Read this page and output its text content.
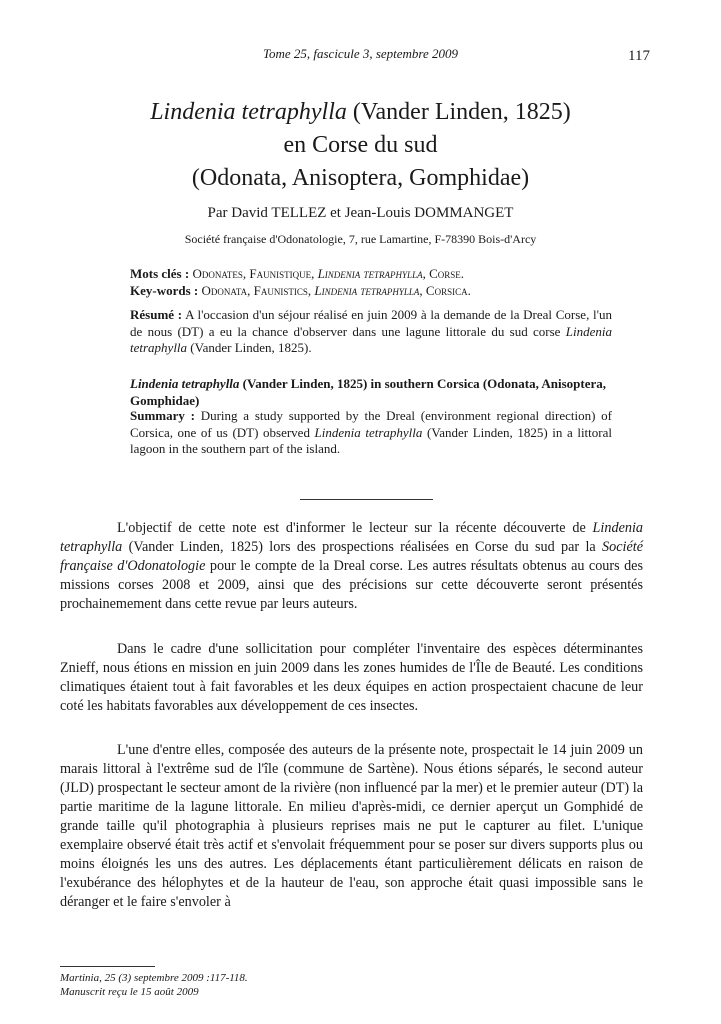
Tome 25, fascicule 3, septembre 2009	117
Lindenia tetraphylla (Vander Linden, 1825)
en Corse du sud
(Odonata, Anisoptera, Gomphidae)
Par David TELLEZ et Jean-Louis DOMMANGET
Société française d'Odonatologie, 7, rue Lamartine, F-78390 Bois-d'Arcy
Mots clés : Odonates, Faunistique, Lindenia tetraphylla, Corse.
Key-words : Odonata, Faunistics, Lindenia tetraphylla, Corsica.
Résumé : A l'occasion d'un séjour réalisé en juin 2009 à la demande de la Dreal Corse, l'un de nous (DT) a eu la chance d'observer dans une lagune littorale du sud corse Lindenia tetraphylla (Vander Linden, 1825).
Lindenia tetraphylla (Vander Linden, 1825) in southern Corsica (Odonata, Anisoptera, Gomphidae)
Summary : During a study supported by the Dreal (environment regional direction) of Corsica, one of us (DT) observed Lindenia tetraphylla (Vander Linden, 1825) in a littoral lagoon in the southern part of the island.
L'objectif de cette note est d'informer le lecteur sur la récente découverte de Lindenia tetraphylla (Vander Linden, 1825) lors des prospections réalisées en Corse du sud par la Société française d'Odonatologie pour le compte de la Dreal corse. Les autres résultats obtenus au cours des missions corses 2008 et 2009, ainsi que des précisions sur cette découverte seront présentés prochainemement dans cette revue par leurs auteurs.
Dans le cadre d'une sollicitation pour compléter l'inventaire des espèces déterminantes Znieff, nous étions en mission en juin 2009 dans les zones humides de l'Île de Beauté. Les conditions climatiques étaient tout à fait favorables et les deux équipes en action prospectaient chacune de leur coté les habitats favorables aux développement de ces insectes.
L'une d'entre elles, composée des auteurs de la présente note, prospectait le 14 juin 2009 un marais littoral à l'extrême sud de l'île (commune de Sartène). Nous étions séparés, le second auteur (JLD) prospectant le secteur amont de la rivière (non influencé par la mer) et le premier auteur (DT) la partie maritime de la lagune littorale. En milieu d'après-midi, ce dernier aperçut un Gomphidé de grande taille qu'il photographia à plusieurs reprises mais ne put le capturer au filet. L'unique exemplaire observé était très actif et s'envolait fréquemment pour se poser sur divers supports plus ou moins éloignés les uns des autres. Les déplacements étant particulièrement délicats en raison de l'exubérance des hélophytes et de la hauteur de l'eau, son approche était quasi impossible sans le déranger et le faire s'envoler à
Martinia, 25 (3) septembre 2009 :117-118.
Manuscrit reçu le 15 août 2009
